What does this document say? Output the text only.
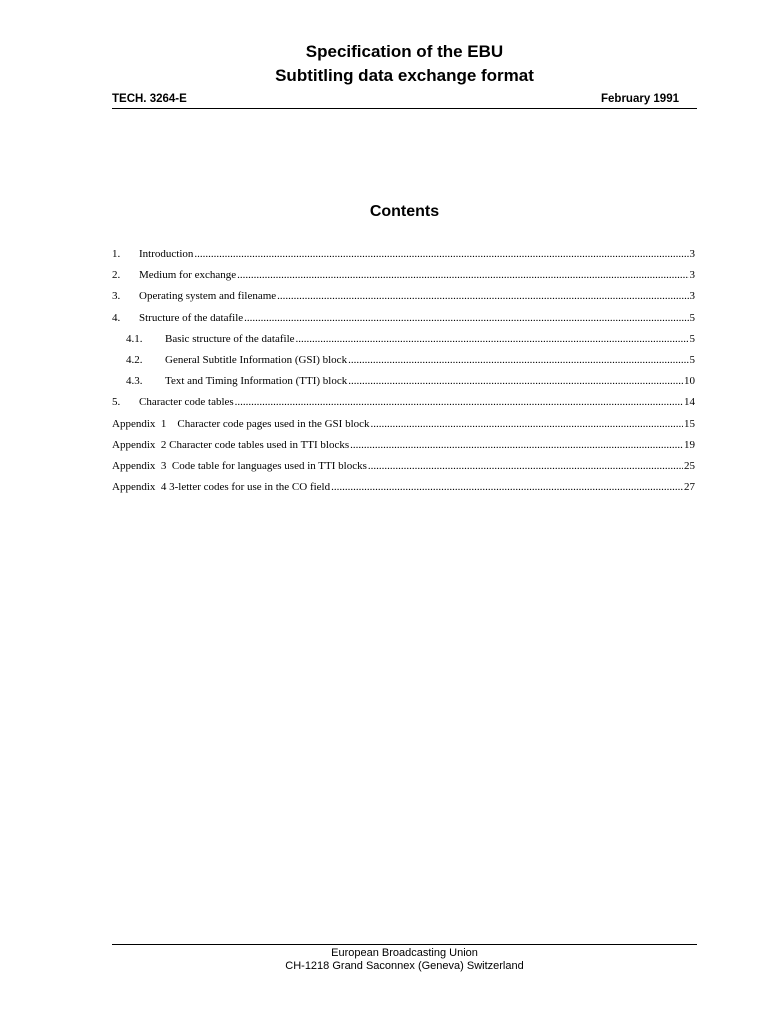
Specification of the EBU
Subtitling data exchange format
TECH. 3264-E	February 1991
Contents
1.	Introduction .....	3
2.	Medium for exchange .....	3
3.	Operating system and filename .....	3
4.	Structure of the datafile .....	5
4.1.	Basic structure of the datafile .....	5
4.2.	General Subtitle Information (GSI) block .....	5
4.3.	Text and Timing Information (TTI) block .....	10
5.	Character code tables .....	14
Appendix  1    Character code pages used in the GSI block .....	15
Appendix  2 Character code tables used in TTI blocks .....	19
Appendix  3  Code table for languages used in TTI blocks .....	25
Appendix  4 3-letter codes for use in the CO field .....	27
European Broadcasting Union
CH-1218 Grand Saconnex (Geneva) Switzerland
